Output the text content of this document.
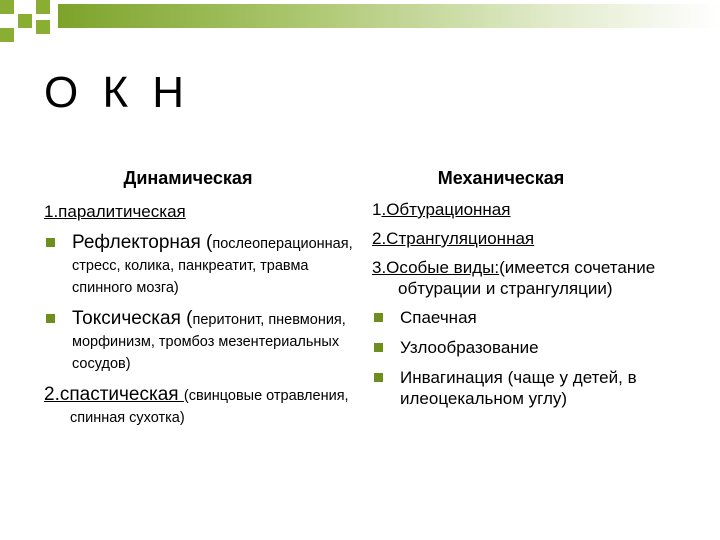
О К Н
Динамическая
1.паралитическая
Рефлекторная (послеоперационная, стресс, колика, панкреатит, травма спинного мозга)
Токсическая (перитонит, пневмония, морфинизм, тромбоз мезентериальных сосудов)
2.спастическая (свинцовые отравления, спинная сухотка)
Механическая
1.Обтурационная
2.Странгуляционная
3.Особые виды:(имеется сочетание обтурации и странгуляции)
Спаечная
Узлообразование
Инвагинация (чаще у детей, в илеоцекальном углу)
